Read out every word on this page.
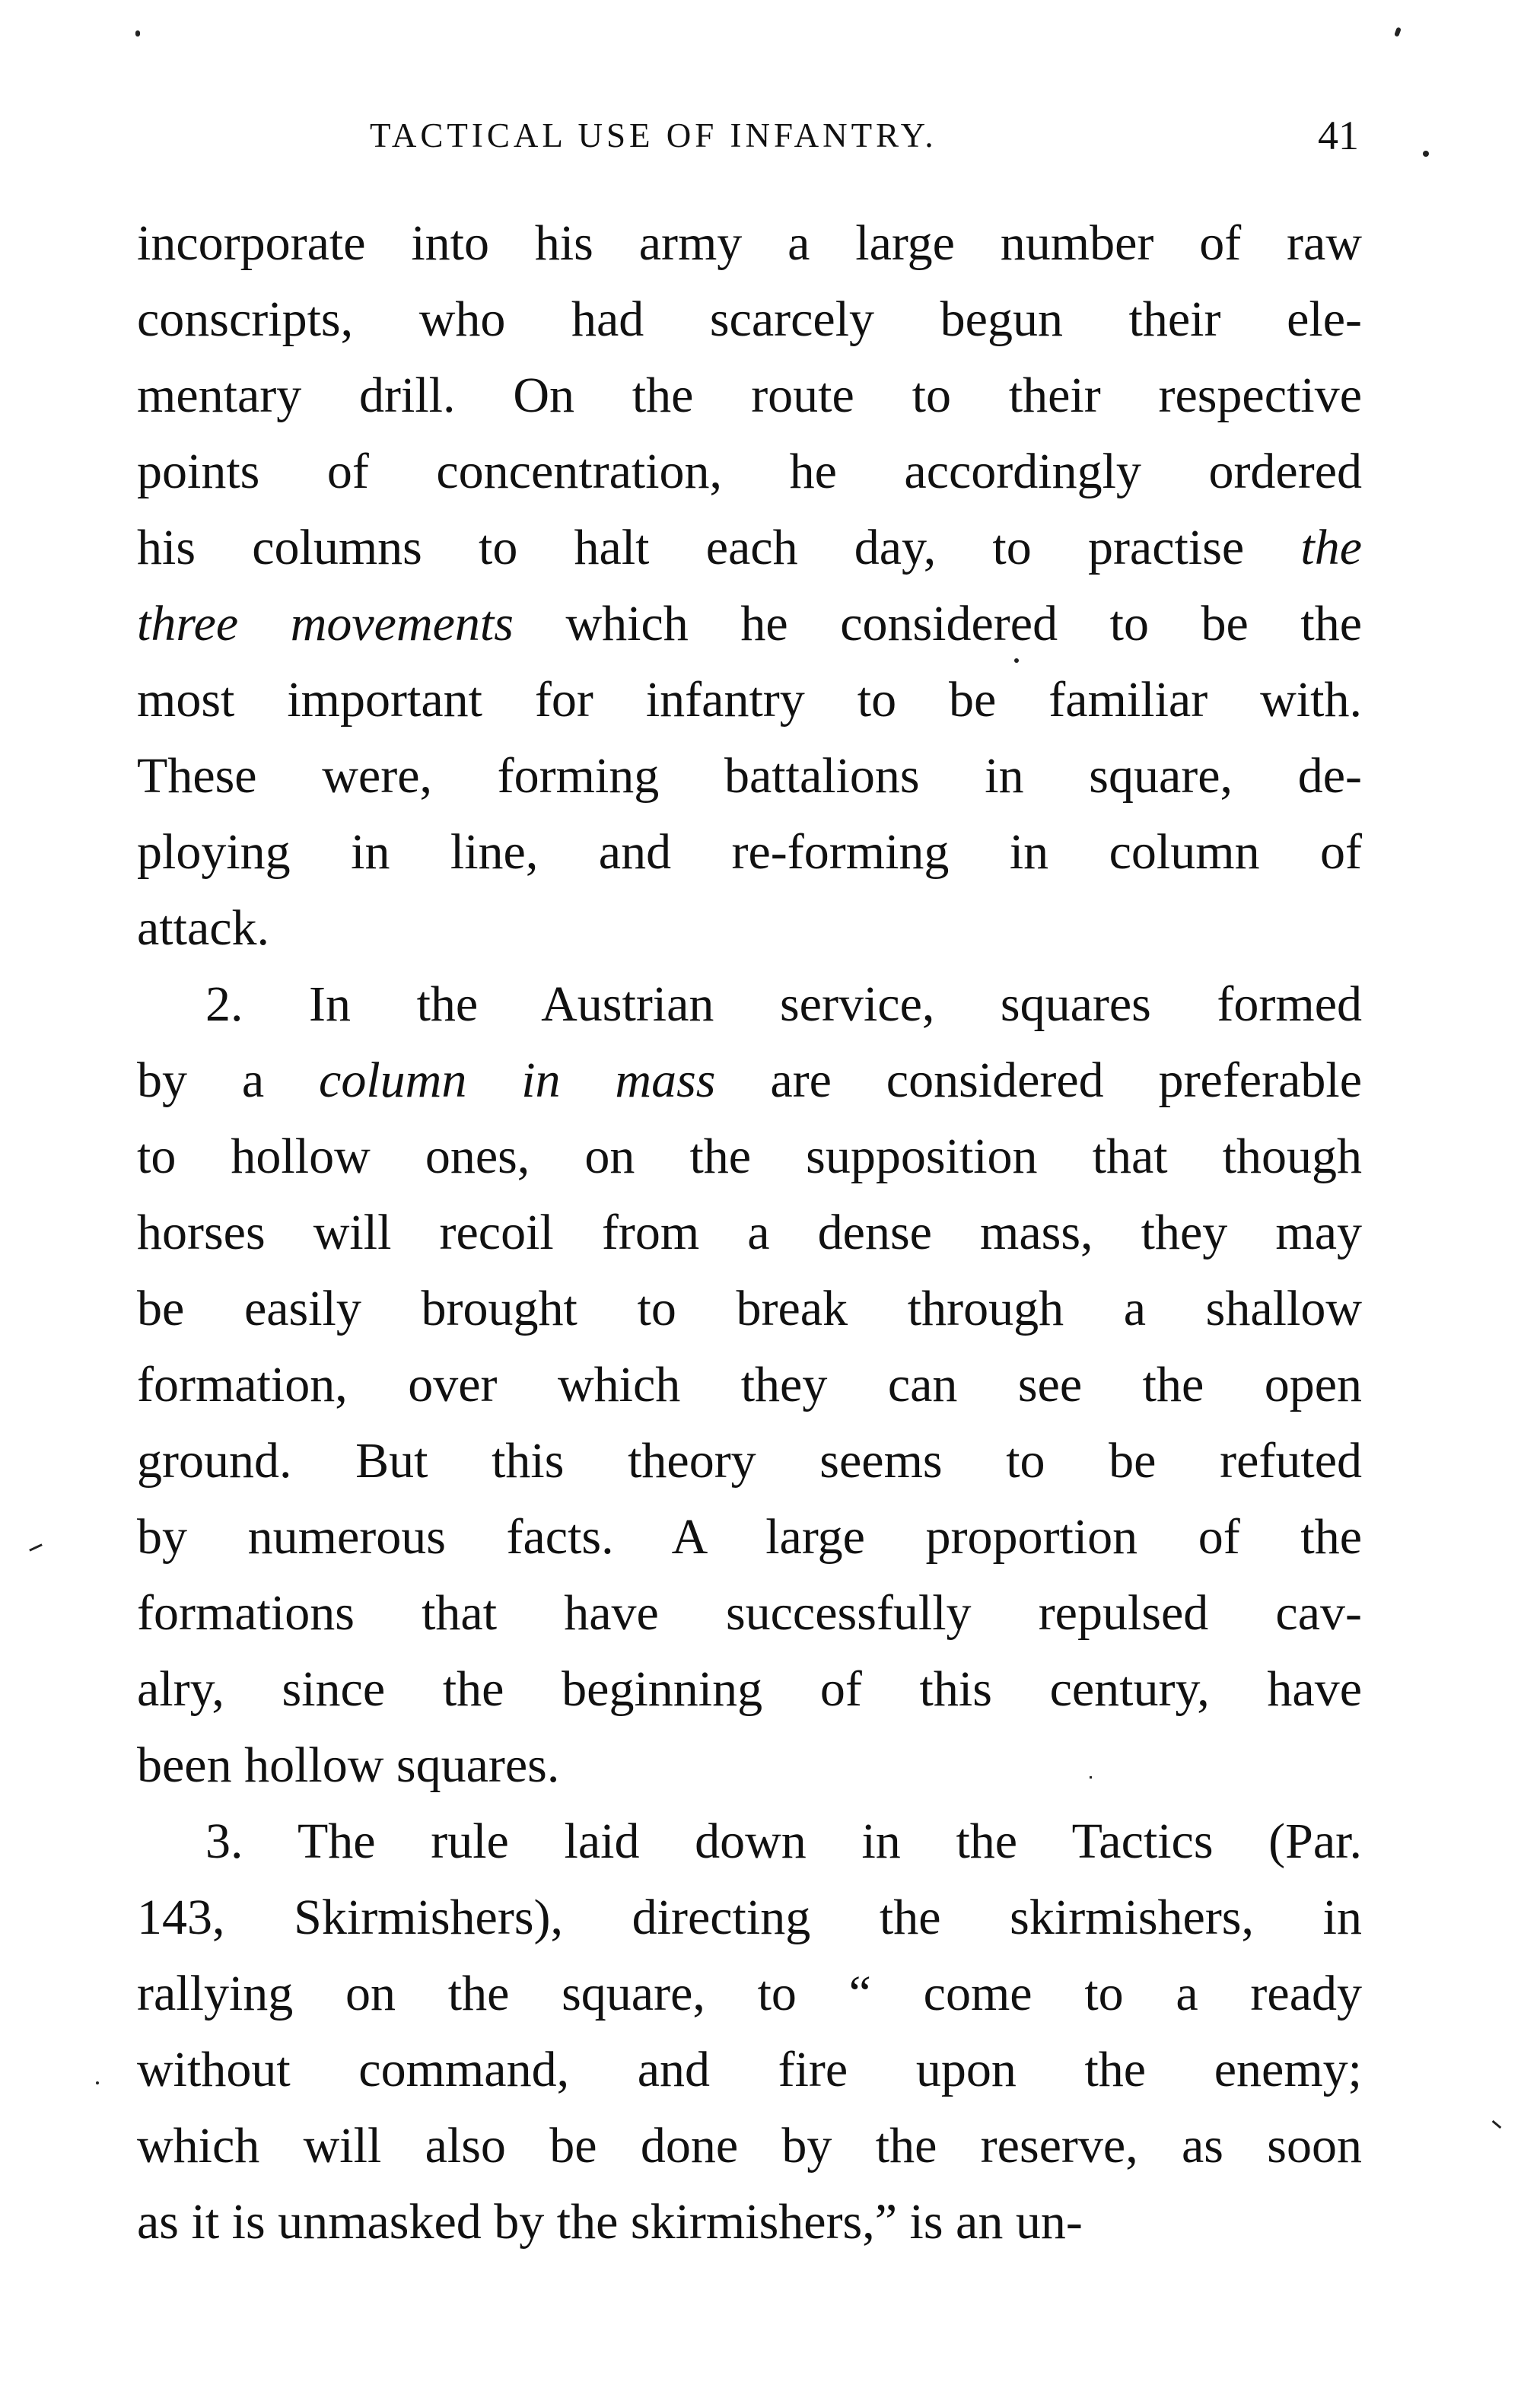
TACTICAL USE OF INFANTRY.	41
incorporate into his army a large number of raw
conscripts, who had scarcely begun their ele-
mentary drill. On the route to their respective
points of concentration, he accordingly ordered
his columns to halt each day, to practise the
three movements which he considered to be the
most important for infantry to be familiar with.
These were, forming battalions in square, de-
ploying in line, and re-forming in column of
attack.
2. In the Austrian service, squares formed
by a column in mass are considered preferable
to hollow ones, on the supposition that though
horses will recoil from a dense mass, they may
be easily brought to break through a shallow
formation, over which they can see the open
ground. But this theory seems to be refuted
by numerous facts. A large proportion of the
formations that have successfully repulsed cav-
alry, since the beginning of this century, have
been hollow squares.
3. The rule laid down in the Tactics (Par.
143, Skirmishers), directing the skirmishers, in
rallying on the square, to “ come to a ready
without command, and fire upon the enemy;
which will also be done by the reserve, as soon
as it is unmasked by the skirmishers,” is an un-
